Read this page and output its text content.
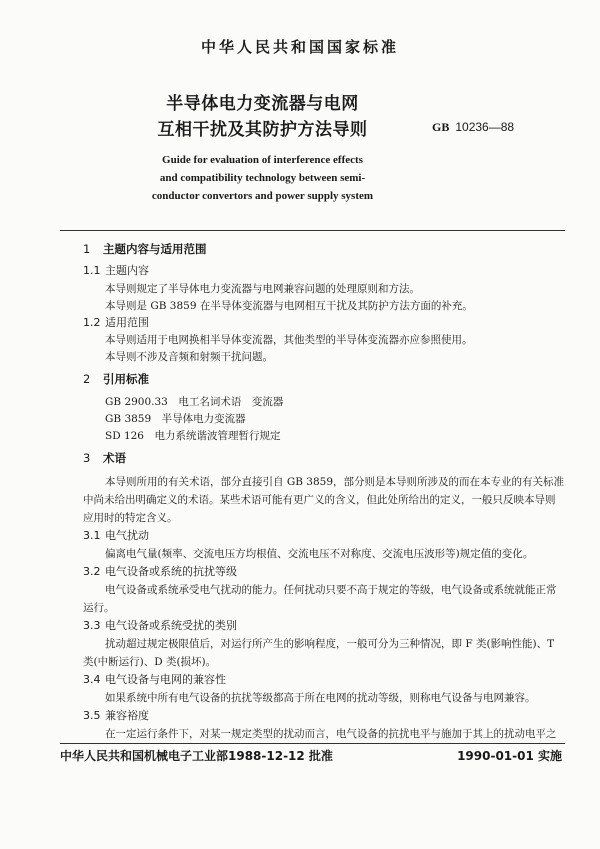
中华人民共和国国家标准
半导体电力变流器与电网
互相干扰及其防护方法导则	GB 10236—88
Guide for evaluation of interference effects
and compatibility technology between semi-
conductor convertors and power supply system
1 主题内容与适用范围
1.1 主题内容
本导则规定了半导体电力变流器与电网兼容问题的处理原则和方法。
本导则是 GB 3859 在半导体变流器与电网相互干扰及其防护方法方面的补充。
1.2 适用范围
本导则适用于电网换相半导体变流器，其他类型的半导体变流器亦应参照使用。
本导则不涉及音频和射频干扰问题。
2 引用标准
GB 2900.33　电工名词术语　变流器
GB 3859　半导体电力变流器
SD 126　电力系统谐波管理暂行规定
3 术语
本导则所用的有关术语，部分直接引自 GB 3859，部分则是本导则所涉及的而在本专业的有关标准
中尚未给出明确定义的术语。某些术语可能有更广义的含义，但此处所给出的定义，一般只反映本导则
应用时的特定含义。
3.1 电气扰动
偏离电气量(频率、交流电压方均根值、交流电压不对称度、交流电压波形等)规定值的变化。
3.2 电气设备或系统的抗扰等级
电气设备或系统承受电气扰动的能力。任何扰动只要不高于规定的等级，电气设备或系统就能正常
运行。
3.3 电气设备或系统受扰的类别
扰动超过规定极限值后，对运行所产生的影响程度，一般可分为三种情况，即 F 类(影响性能)、T
类(中断运行)、D 类(损坏)。
3.4 电气设备与电网的兼容性
如果系统中所有电气设备的抗扰等级都高于所在电网的扰动等级，则称电气设备与电网兼容。
3.5 兼容裕度
在一定运行条件下，对某一规定类型的扰动而言，电气设备的抗扰电平与施加于其上的扰动电平之
中华人民共和国机械电子工业部1988-12-12 批准	1990-01-01 实施
